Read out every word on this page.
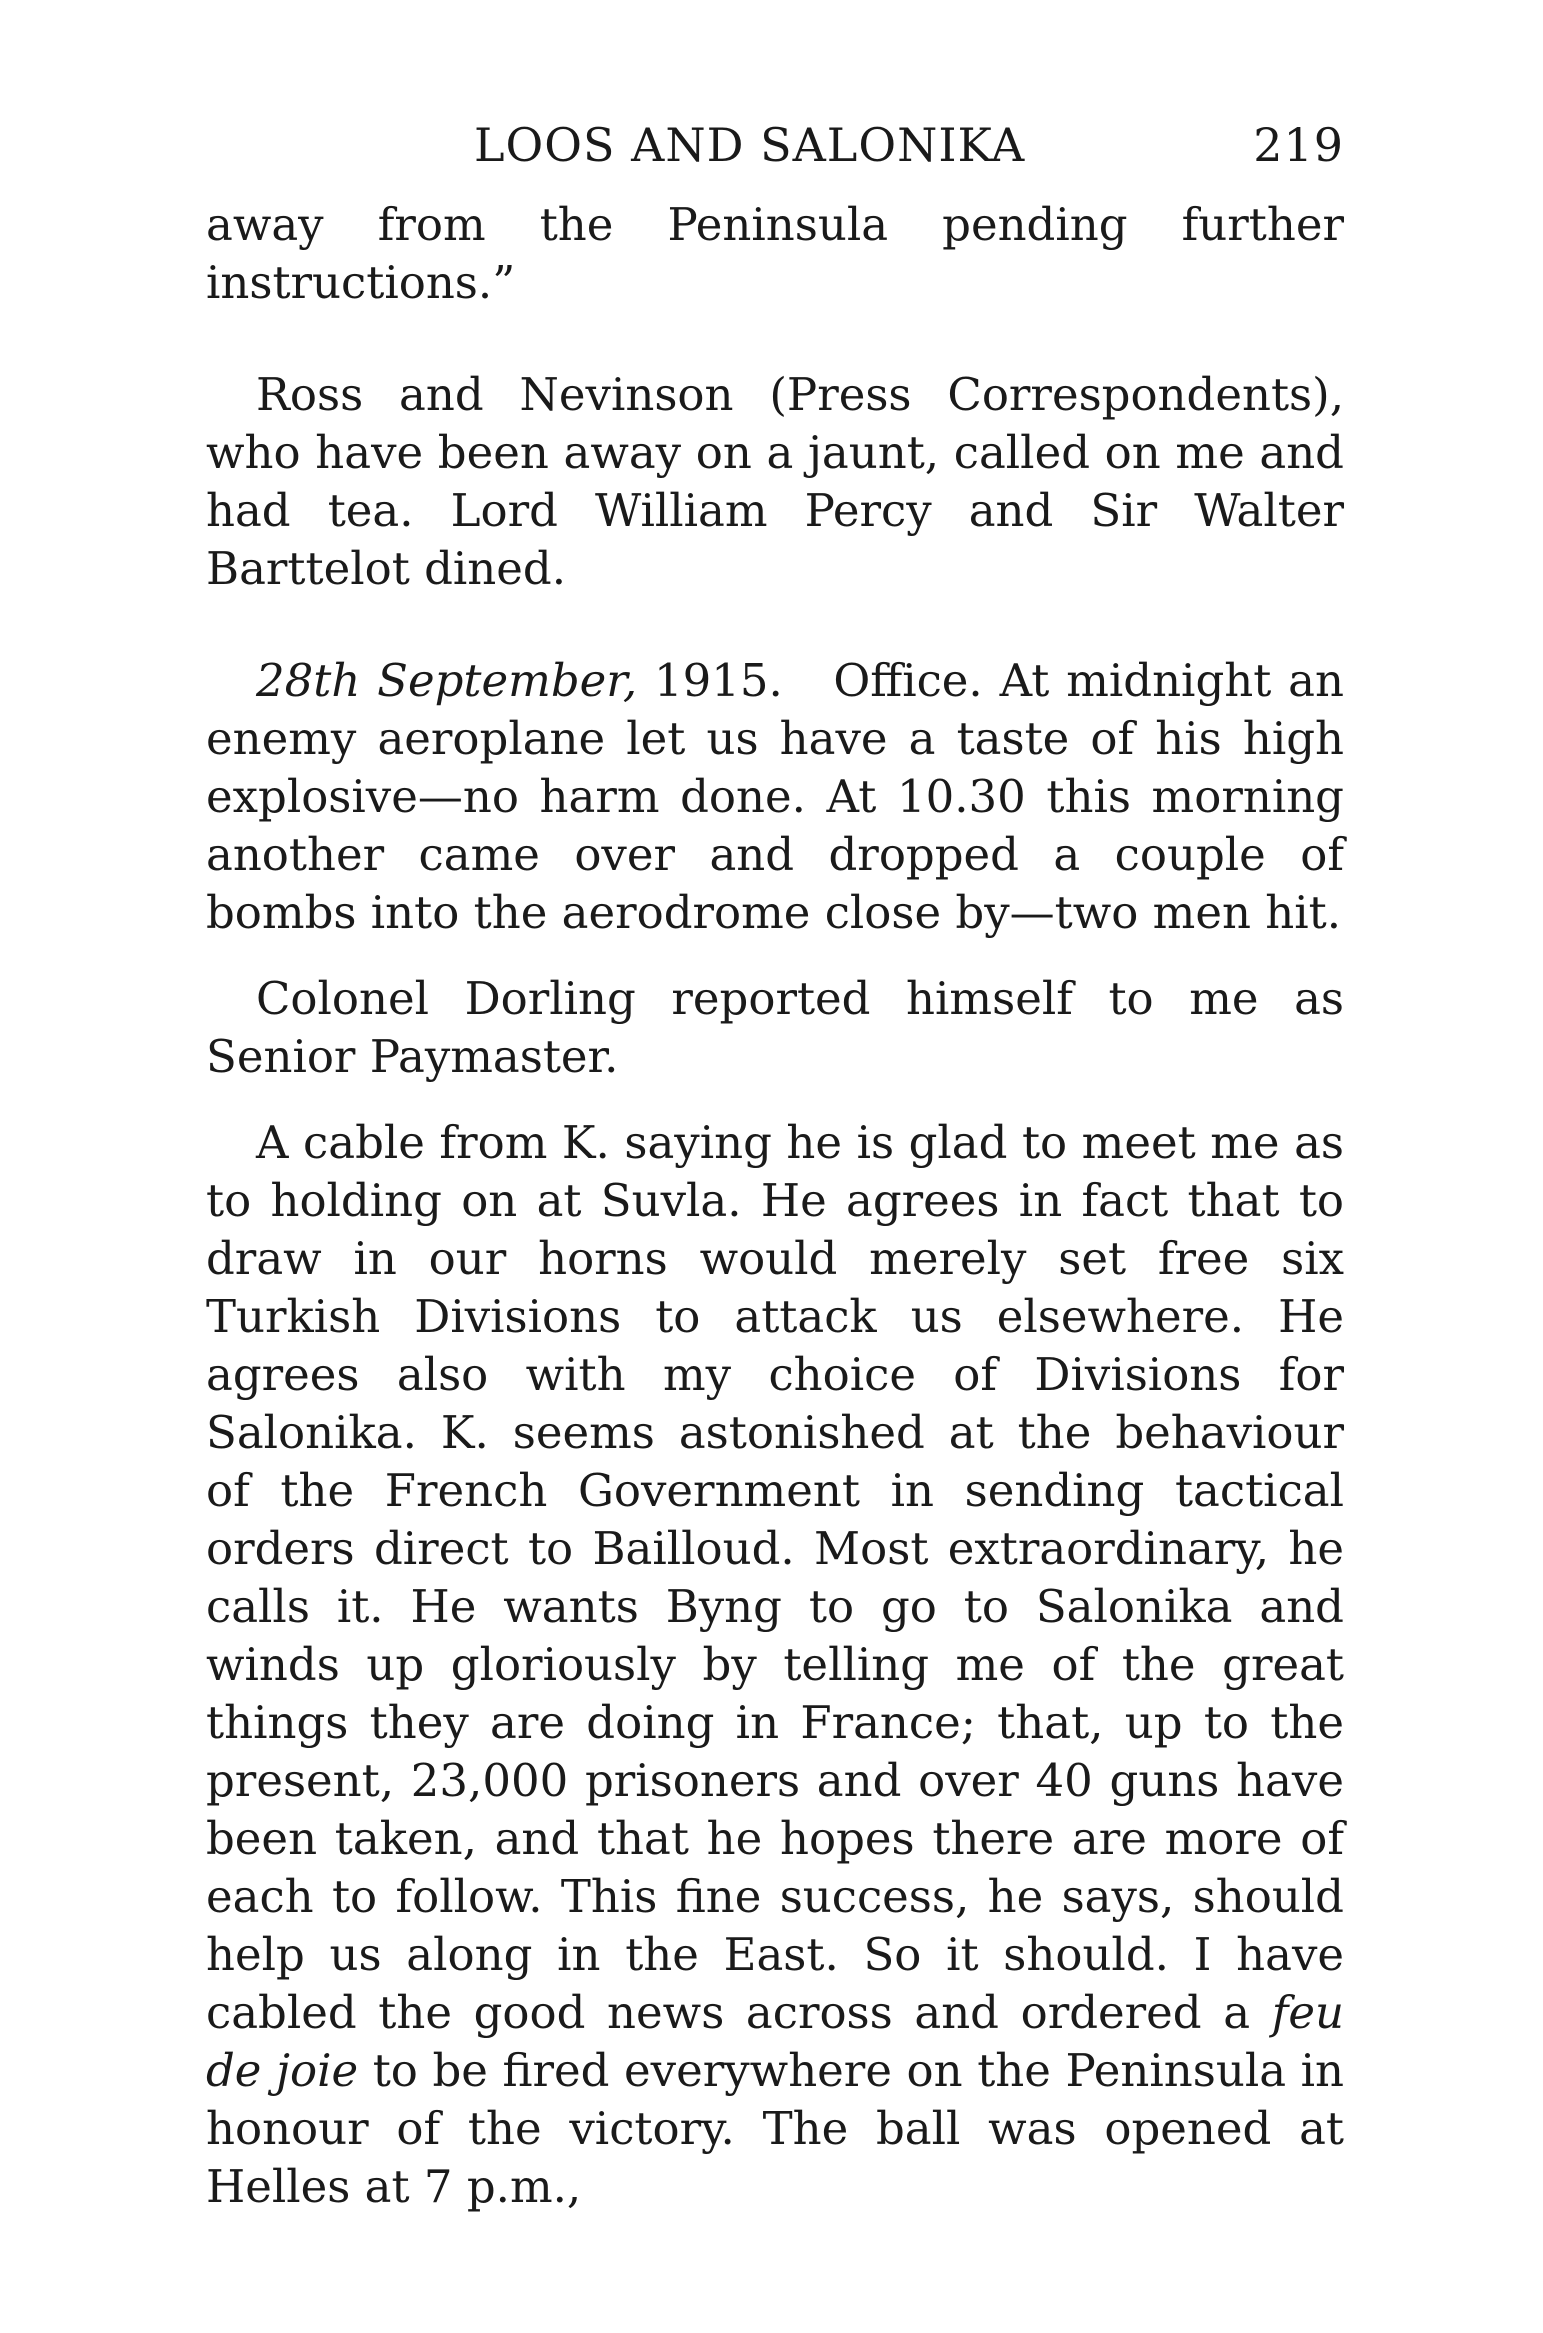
LOOS AND SALONIKA	219

away from the Peninsula pending further instructions.”

Ross and Nevinson (Press Correspondents), who have been away on a jaunt, called on me and had tea. Lord William Percy and Sir Walter Barttelot dined.

28th September, 1915. Office. At midnight an enemy aeroplane let us have a taste of his high explosive—no harm done. At 10.30 this morning another came over and dropped a couple of bombs into the aerodrome close by—two men hit.

Colonel Dorling reported himself to me as Senior Paymaster.

A cable from K. saying he is glad to meet me as to holding on at Suvla. He agrees in fact that to draw in our horns would merely set free six Turkish Divisions to attack us elsewhere. He agrees also with my choice of Divisions for Salonika. K. seems astonished at the behaviour of the French Government in sending tactical orders direct to Bailloud. Most extraordinary, he calls it. He wants Byng to go to Salonika and winds up gloriously by telling me of the great things they are doing in France; that, up to the present, 23,000 prisoners and over 40 guns have been taken, and that he hopes there are more of each to follow. This fine success, he says, should help us along in the East. So it should. I have cabled the good news across and ordered a feu de joie to be fired everywhere on the Peninsula in honour of the victory. The ball was opened at Helles at 7 p.m.,
